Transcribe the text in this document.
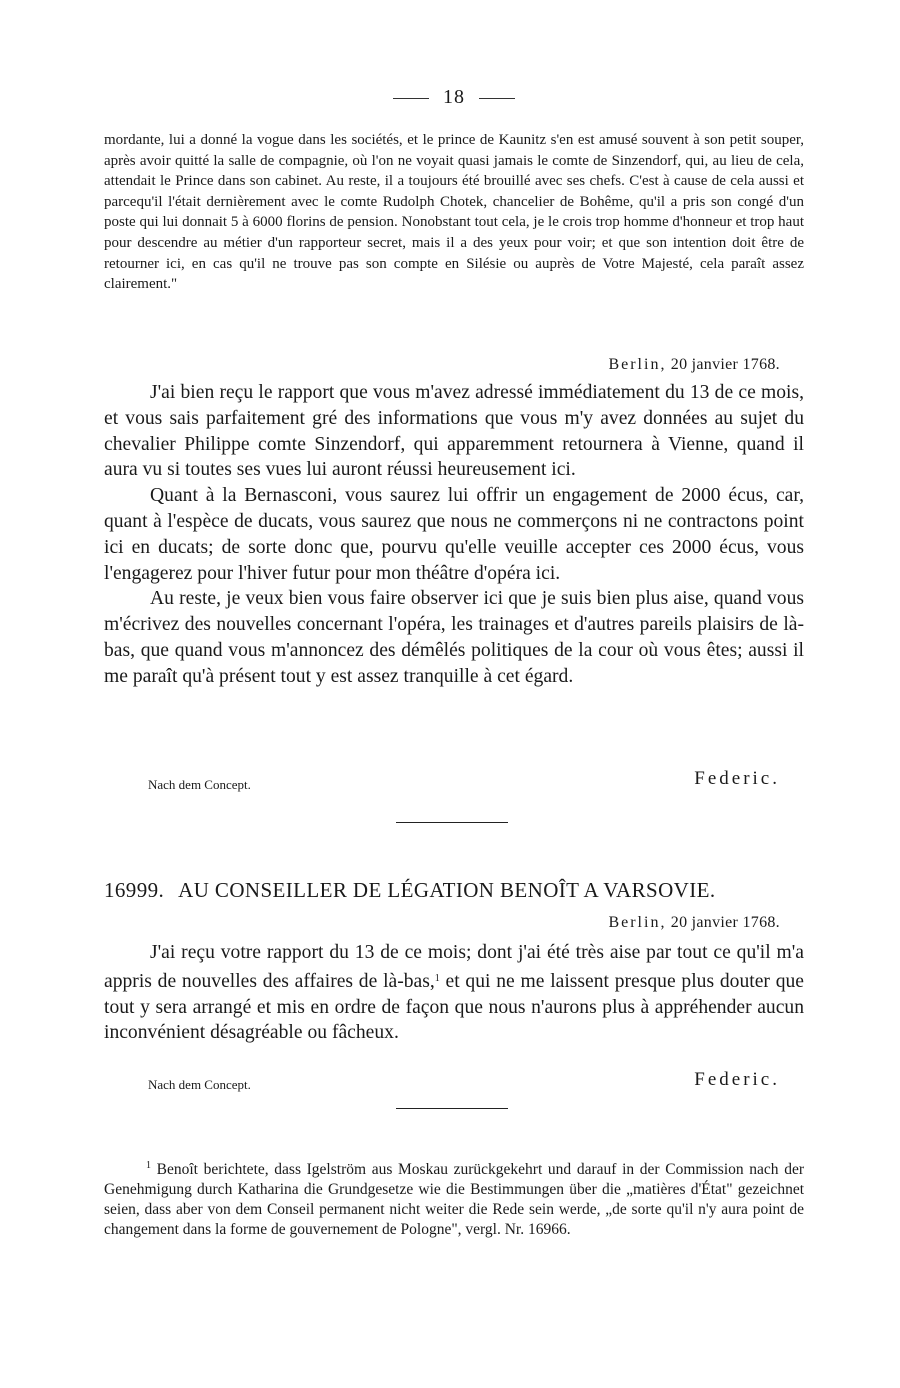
18

mordante, lui a donné la vogue dans les sociétés, et le prince de Kaunitz s'en est amusé souvent à son petit souper, après avoir quitté la salle de compagnie, où l'on ne voyait quasi jamais le comte de Sinzendorf, qui, au lieu de cela, attendait le Prince dans son cabinet. Au reste, il a toujours été brouillé avec ses chefs. C'est à cause de cela aussi et parcequ'il l'était dernièrement avec le comte Rudolph Chotek, chancelier de Bohême, qu'il a pris son congé d'un poste qui lui donnait 5 à 6000 florins de pension. Nonobstant tout cela, je le crois trop homme d'honneur et trop haut pour descendre au métier d'un rapporteur secret, mais il a des yeux pour voir; et que son intention doit être de retourner ici, en cas qu'il ne trouve pas son compte en Silésie ou auprès de Votre Majesté, cela paraît assez clairement."

Berlin, 20 janvier 1768.

J'ai bien reçu le rapport que vous m'avez adressé immédiatement du 13 de ce mois, et vous sais parfaitement gré des informations que vous m'y avez données au sujet du chevalier Philippe comte Sinzendorf, qui apparemment retournera à Vienne, quand il aura vu si toutes ses vues lui auront réussi heureusement ici.

Quant à la Bernasconi, vous saurez lui offrir un engagement de 2000 écus, car, quant à l'espèce de ducats, vous saurez que nous ne commerçons ni ne contractons point ici en ducats; de sorte donc que, pourvu qu'elle veuille accepter ces 2000 écus, vous l'engagerez pour l'hiver futur pour mon théâtre d'opéra ici.

Au reste, je veux bien vous faire observer ici que je suis bien plus aise, quand vous m'écrivez des nouvelles concernant l'opéra, les trainages et d'autres pareils plaisirs de là-bas, que quand vous m'annoncez des démêlés politiques de la cour où vous êtes; aussi il me paraît qu'à présent tout y est assez tranquille à cet égard.

Nach dem Concept.	Federic.
16999. AU CONSEILLER DE LÉGATION BENOÎT A VARSOVIE.
Berlin, 20 janvier 1768.

J'ai reçu votre rapport du 13 de ce mois; dont j'ai été très aise par tout ce qu'il m'a appris de nouvelles des affaires de là-bas,$^1$ et qui ne me laissent presque plus douter que tout y sera arrangé et mis en ordre de façon que nous n'aurons plus à appréhender aucun inconvénient désagréable ou fâcheux.

Nach dem Concept.	Federic.

$^1$ Benoît berichtete, dass Igelström aus Moskau zurückgekehrt und darauf in der Commission nach der Genehmigung durch Katharina die Grundgesetze wie die Bestimmungen über die „matières d'État" gezeichnet seien, dass aber von dem Conseil permanent nicht weiter die Rede sein werde, „de sorte qu'il n'y aura point de changement dans la forme de gouvernement de Pologne", vergl. Nr. 16966.
